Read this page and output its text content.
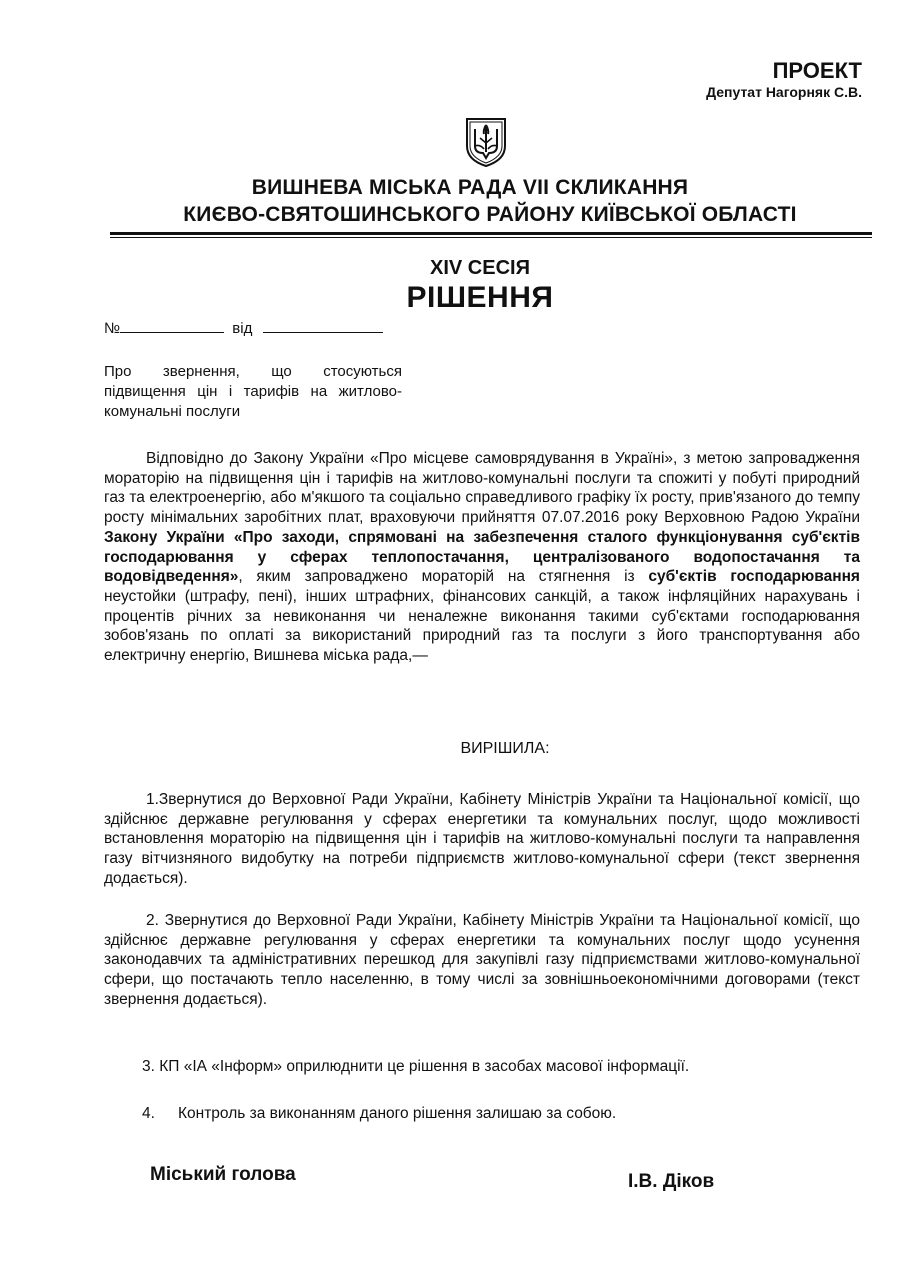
ПРОЕКТ
Депутат Нагорняк С.В.
ВИШНЕВА МІСЬКА РАДА VII СКЛИКАННЯ
КИЄВО-СВЯТОШИНСЬКОГО РАЙОНУ КИЇВСЬКОЇ ОБЛАСТІ
XIV СЕСІЯ
РІШЕННЯ
№	від
Про звернення, що стосуються підвищення цін і тарифів на житлово-комунальні послуги
Відповідно до Закону України «Про місцеве самоврядування в Україні», з метою запровадження мораторію на підвищення цін і тарифів на житлово-комунальні послуги та спожиті у побуті природний газ та електроенергію, або м'якшого та соціально справедливого графіку їх росту, прив'язаного до темпу росту мінімальних заробітних плат, враховуючи прийняття 07.07.2016 року Верховною Радою України Закону України «Про заходи, спрямовані на забезпечення сталого функціонування суб'єктів господарювання у сферах теплопостачання, централізованого водопостачання та водовідведення», яким запроваджено мораторій на стягнення із суб'єктів господарювання неустойки (штрафу, пені), інших штрафних, фінансових санкцій, а також інфляційних нарахувань і процентів річних за невиконання чи неналежне виконання такими суб'єктами господарювання зобов'язань по оплаті за використаний природний газ та послуги з його транспортування або електричну енергію, Вишнева міська рада,—
ВИРІШИЛА:
1.Звернутися до Верховної Ради України, Кабінету Міністрів України та Національної комісії, що здійснює державне регулювання у сферах енергетики та комунальних послуг, щодо можливості встановлення мораторію на підвищення цін і тарифів на житлово-комунальні послуги та направлення газу вітчизняного видобутку на потреби підприємств житлово-комунальної сфери (текст звернення додається).
2. Звернутися до Верховної Ради України, Кабінету Міністрів України та Національної комісії, що здійснює державне регулювання у сферах енергетики та комунальних послуг щодо усунення законодавчих та адміністративних перешкод для закупівлі газу підприємствами житлово-комунальної сфери, що постачають тепло населенню, в тому числі за зовнішньоекономічними договорами (текст звернення додається).
3. КП «ІА «Інформ» оприлюднити це рішення в засобах масової інформації.
4. Контроль за виконанням даного рішення залишаю за собою.
Міський голова	І.В. Діков
